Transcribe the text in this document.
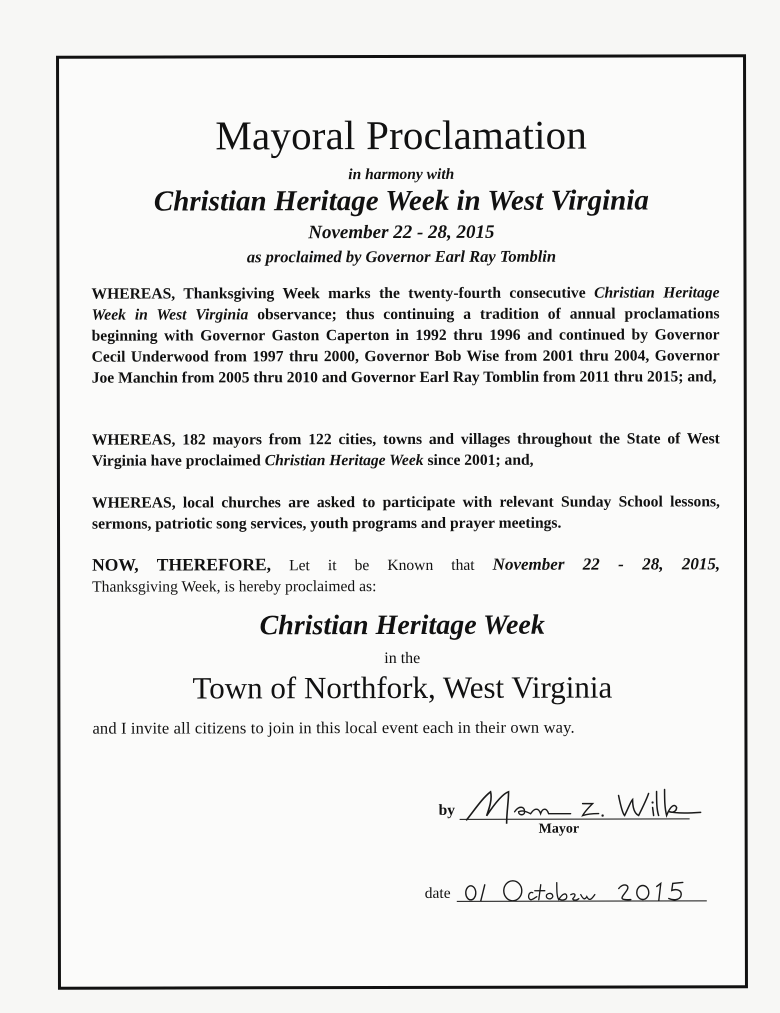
Mayoral Proclamation
in harmony with
Christian Heritage Week in West Virginia
November 22 - 28, 2015
as proclaimed by Governor Earl Ray Tomblin
WHEREAS, Thanksgiving Week marks the twenty-fourth consecutive Christian Heritage Week in West Virginia observance; thus continuing a tradition of annual proclamations beginning with Governor Gaston Caperton in 1992 thru 1996 and continued by Governor Cecil Underwood from 1997 thru 2000, Governor Bob Wise from 2001 thru 2004, Governor Joe Manchin from 2005 thru 2010 and Governor Earl Ray Tomblin from 2011 thru 2015; and,
WHEREAS, 182 mayors from 122 cities, towns and villages throughout the State of West Virginia have proclaimed Christian Heritage Week since 2001; and,
WHEREAS, local churches are asked to participate with relevant Sunday School lessons, sermons, patriotic song services, youth programs and prayer meetings.
NOW, THEREFORE, Let it be Known that November 22 - 28, 2015,
Thanksgiving Week, is hereby proclaimed as:
Christian Heritage Week
in the
Town of Northfork, West Virginia
and I invite all citizens to join in this local event each in their own way.
by
Mayor
date
